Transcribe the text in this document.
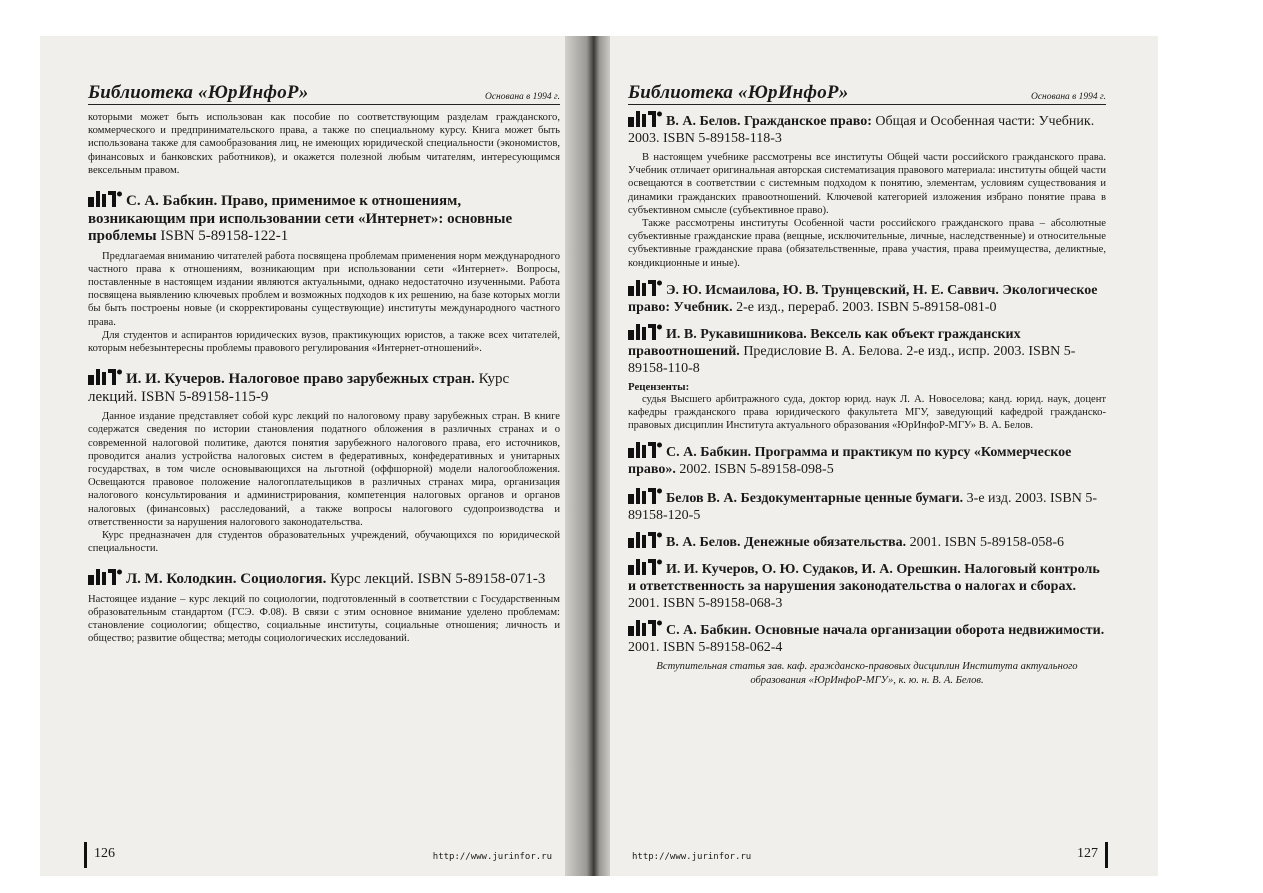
Библиотека «ЮрИнфоР»	Основана в 1994 г.

которыми может быть использован как пособие по соответствующим разделам гражданского, коммерческого и предпринимательского права, а также по специальному курсу. Книга может быть использована также для самообразования лиц, не имеющих юридической специальности (экономистов, финансовых и банковских работников), и окажется полезной любым читателям, интересующимся вексельным правом.

С. А. Бабкин. Право, применимое к отношениям, возникающим при использовании сети «Интернет»: основные проблемы ISBN 5-89158-122-1

Предлагаемая вниманию читателей работа посвящена проблемам применения норм международного частного права к отношениям, возникающим при использовании сети «Интернет». Вопросы, поставленные в настоящем издании являются актуальными, однако недостаточно изученными. Работа посвящена выявлению ключевых проблем и возможных подходов к их решению, на базе которых могли бы быть построены новые (и скорректированы существующие) институты международного частного права.

Для студентов и аспирантов юридических вузов, практикующих юристов, а также всех читателей, которым небезынтересны проблемы правового регулирования «Интернет-отношений».

И. И. Кучеров. Налоговое право зарубежных стран. Курс лекций. ISBN 5-89158-115-9

Данное издание представляет собой курс лекций по налоговому праву зарубежных стран. В книге содержатся сведения по истории становления податного обложения в различных странах и о современной налоговой политике, даются понятия зарубежного налогового права, его источников, проводится анализ устройства налоговых систем в федеративных, конфедеративных и унитарных государствах, в том числе основывающихся на льготной (оффшорной) модели налогообложения. Освещаются правовое положение налогоплательщиков в различных странах мира, организация налогового консультирования и администрирования, компетенция налоговых органов и органов налоговых (финансовых) расследований, а также вопросы налогового судопроизводства и ответственности за нарушения налогового законодательства.

Курс предназначен для студентов образовательных учреждений, обучающихся по юридической специальности.

Л. М. Колодкин. Социология. Курс лекций. ISBN 5-89158-071-3

Настоящее издание – курс лекций по социологии, подготовленный в соответствии с Государственным образовательным стандартом (ГСЭ. Ф.08). В связи с этим основное внимание уделено проблемам: становление социологии; общество, социальные институты, социальные отношения; личность и общество; развитие общества; методы социологических исследований.

126	http://www.jurinfor.ru
Библиотека «ЮрИнфоР»	Основана в 1994 г.
В. А. Белов. Гражданское право: Общая и Особенная части: Учебник. 2003. ISBN 5-89158-118-3

В настоящем учебнике рассмотрены все институты Общей части российского гражданского права. Учебник отличает оригинальная авторская систематизация правового материала: институты общей части освещаются в соответствии с системным подходом к понятию, элементам, условиям существования и динамики гражданских правоотношений. Ключевой категорией изложения избрано понятие права в субъективном смысле (субъективное право).

Также рассмотрены институты Особенной части российского гражданского права – абсолютные субъективные гражданские права (вещные, исключительные, личные, наследственные) и относительные субъективные гражданские права (обязательственные, права участия, права преимущества, деликтные, кондикционные и иные).

Э. Ю. Исмаилова, Ю. В. Трунцевский, Н. Е. Саввич. Экологическое право: Учебник. 2-е изд., перераб. 2003. ISBN 5-89158-081-0
И. В. Рукавишникова. Вексель как объект гражданских правоотношений. Предисловие В. А. Белова. 2-е изд., испр. 2003. ISBN 5-89158-110-8
Рецензенты:

судья Высшего арбитражного суда, доктор юрид. наук Л. А. Новоселова; канд. юрид. наук, доцент кафедры гражданского права юридического факультета МГУ, заведующий кафедрой гражданско-правовых дисциплин Института актуального образования «ЮрИнфоР-МГУ» В. А. Белов.

С. А. Бабкин. Программа и практикум по курсу «Коммерческое право». 2002. ISBN 5-89158-098-5
Белов В. А. Бездокументарные ценные бумаги. 3-е изд. 2003. ISBN 5-89158-120-5
В. А. Белов. Денежные обязательства. 2001. ISBN 5-89158-058-6
И. И. Кучеров, О. Ю. Судаков, И. А. Орешкин. Налоговый контроль и ответственность за нарушения законодательства о налогах и сборах. 2001. ISBN 5-89158-068-3
С. А. Бабкин. Основные начала организации оборота недвижимости. 2001. ISBN 5-89158-062-4
Вступительная статья зав. каф. гражданско-правовых дисциплин Института актуального образования «ЮрИнфоР-МГУ», к. ю. н. В. А. Белов.
http://www.jurinfor.ru	127
